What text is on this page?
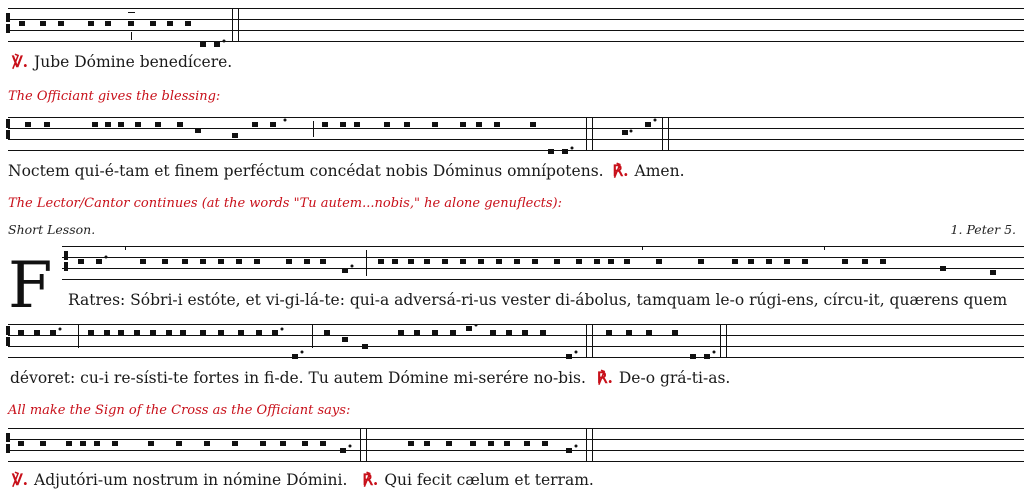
℣. Jube Dómine benedícere.
The Officiant gives the blessing:
Noctem qui-é-tam et finem perféctum concédat nobis Dóminus omnípotens. ℟. Amen.
The Lector/Cantor continues (at the words "Tu autem...nobis," he alone genuflects):
Short Lesson.	1. Peter 5.
F Ratres: Sóbri-i estóte, et vi-gi-lá-te: qui-a adversá-ri-us vester di-ábolus, tamquam le-o rúgi-ens, círcu-it, quærens quem
dévoret: cu-i re-sísti-te fortes in fi-de. Tu autem Dómine mi-serére no-bis. ℟. De-o grá-ti-as.
All make the Sign of the Cross as the Officiant says:
℣. Adjutóri-um nostrum in nómine Dómini. ℟. Qui fecit cælum et terram.
